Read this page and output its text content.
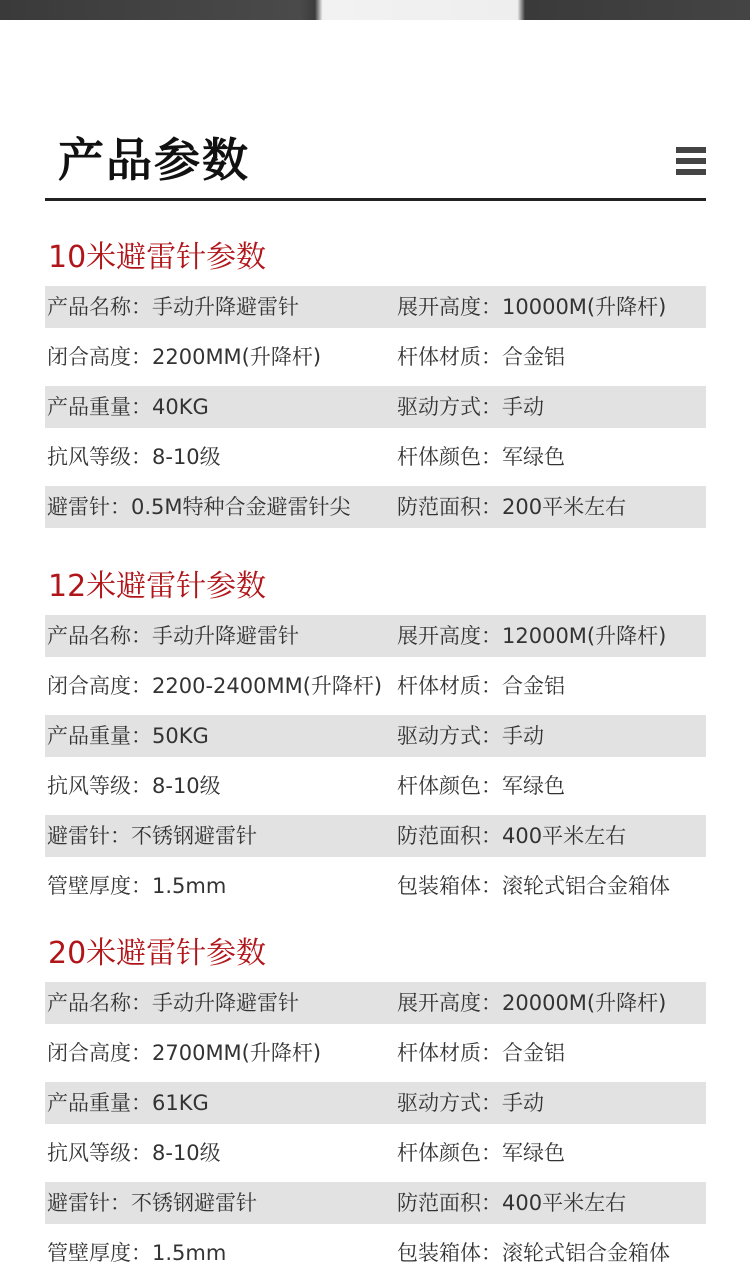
产品参数
10米避雷针参数
产品名称：手动升降避雷针	展开高度：10000M(升降杆)
闭合高度：2200MM(升降杆)	杆体材质：合金铝
产品重量：40KG	驱动方式：手动
抗风等级：8-10级	杆体颜色：军绿色
避雷针：0.5M特种合金避雷针尖 防范面积：200平米左右
12米避雷针参数
产品名称：手动升降避雷针	展开高度：12000M(升降杆)
闭合高度：2200-2400MM(升降杆) 杆体材质：合金铝
产品重量：50KG	驱动方式：手动
抗风等级：8-10级	杆体颜色：军绿色
避雷针：不锈钢避雷针	防范面积：400平米左右
管壁厚度：1.5mm	包装箱体：滚轮式铝合金箱体
20米避雷针参数
产品名称：手动升降避雷针	展开高度：20000M(升降杆)
闭合高度：2700MM(升降杆)	杆体材质：合金铝
产品重量：61KG	驱动方式：手动
抗风等级：8-10级	杆体颜色：军绿色
避雷针：不锈钢避雷针	防范面积：400平米左右
管壁厚度：1.5mm	包装箱体：滚轮式铝合金箱体
